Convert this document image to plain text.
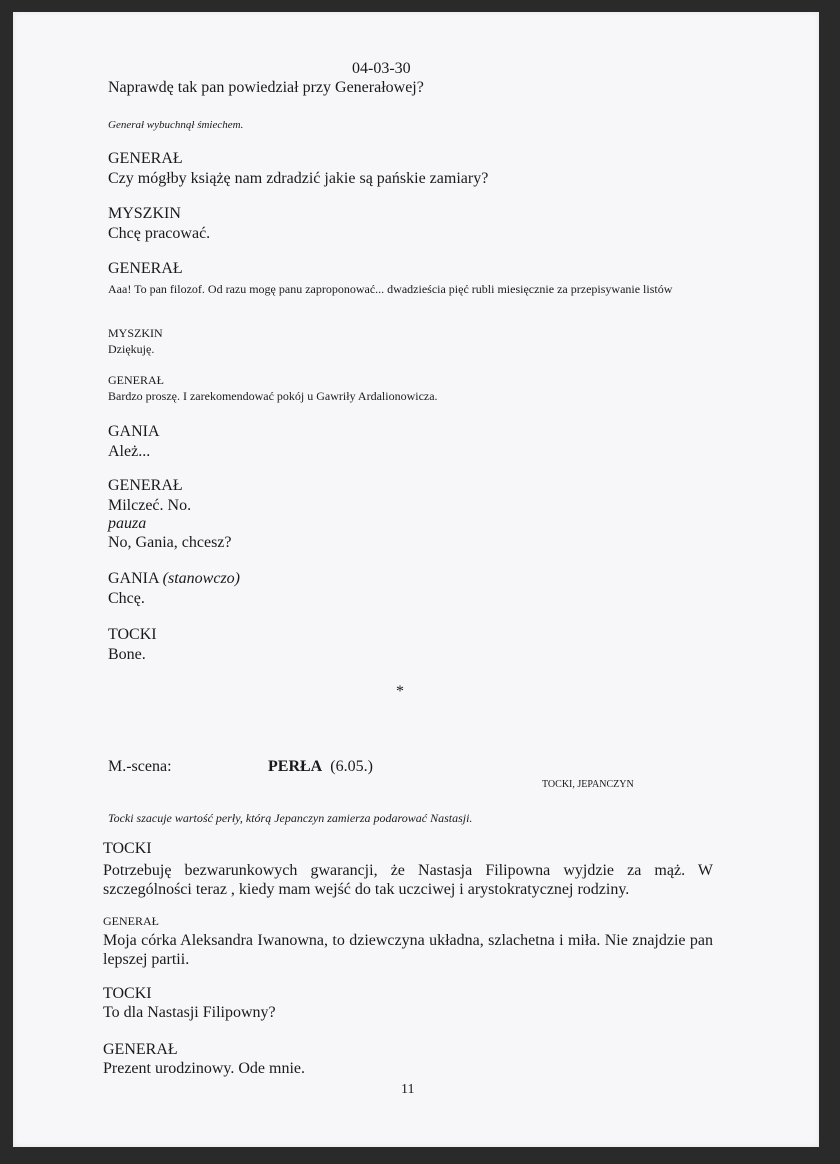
04-03-30
Naprawdę tak pan powiedział przy Generałowej?
Generał wybuchnął śmiechem.
GENERAŁ
Czy mógłby książę nam zdradzić jakie są pańskie zamiary?
MYSZKIN
Chcę pracować.
GENERAŁ
Aaa! To pan filozof. Od razu mogę panu zaproponować... dwadzieścia pięć rubli miesięcznie za przepisywanie listów
MYSZKIN
Dziękuję.
GENERAŁ
Bardzo proszę. I zarekomendować pokój u Gawriły Ardalionowicza.
GANIA
Ależ...
GENERAŁ
Milczeć. No.
pauza
No, Gania, chcesz?
GANIA (stanowczo)
Chcę.
TOCKI
Bone.
*
M.-scena:	PERŁA (6.05.)
TOCKI, JEPANCZYN
Tocki szacuje wartość perły, którą Jepanczyn zamierza podarować Nastasji.
TOCKI
Potrzebuję bezwarunkowych gwarancji, że Nastasja Filipowna wyjdzie za mąż. W szczególności teraz , kiedy mam wejść do tak uczciwej i arystokratycznej rodziny.
GENERAŁ
Moja córka Aleksandra Iwanowna, to dziewczyna układna, szlachetna i miła. Nie znajdzie pan lepszej partii.
TOCKI
To dla Nastasji Filipowny?
GENERAŁ
Prezent urodzinowy. Ode mnie.
11
